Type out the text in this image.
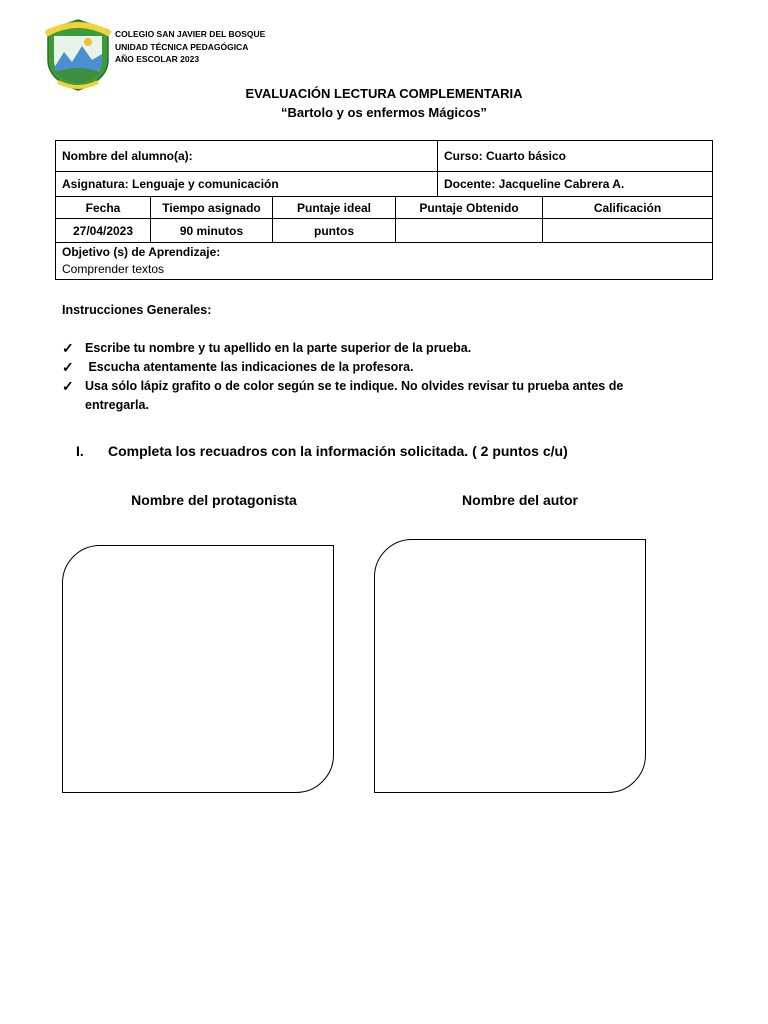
COLEGIO SAN JAVIER DEL BOSQUE
UNIDAD TÉCNICA PEDAGÓGICA
AÑO ESCOLAR 2023
EVALUACIÓN LECTURA COMPLEMENTARIA
“Bartolo y os enfermos Mágicos”
Nombre del alumno(a):				Curso: Cuarto básico	
Asignatura: Lenguaje y comunicación				Docente: Jacqueline Cabrera A.	
Fecha	Tiempo asignado	Puntaje ideal	Puntaje Obtenido		Calificación
27/04/2023	90 minutos	puntos			

Objetivo (s) de Aprendizaje:
Comprender textos					
Instrucciones Generales:
✓ Escribe tu nombre y tu apellido en la parte superior de la prueba.
✓ Escucha atentamente las indicaciones de la profesora.
✓ Usa sólo lápiz grafito o de color según se te indique. No olvides revisar tu prueba antes de entregarla.
I. Completa los recuadros con la información solicitada. ( 2 puntos c/u)
Nombre del protagonista	Nombre del autor
